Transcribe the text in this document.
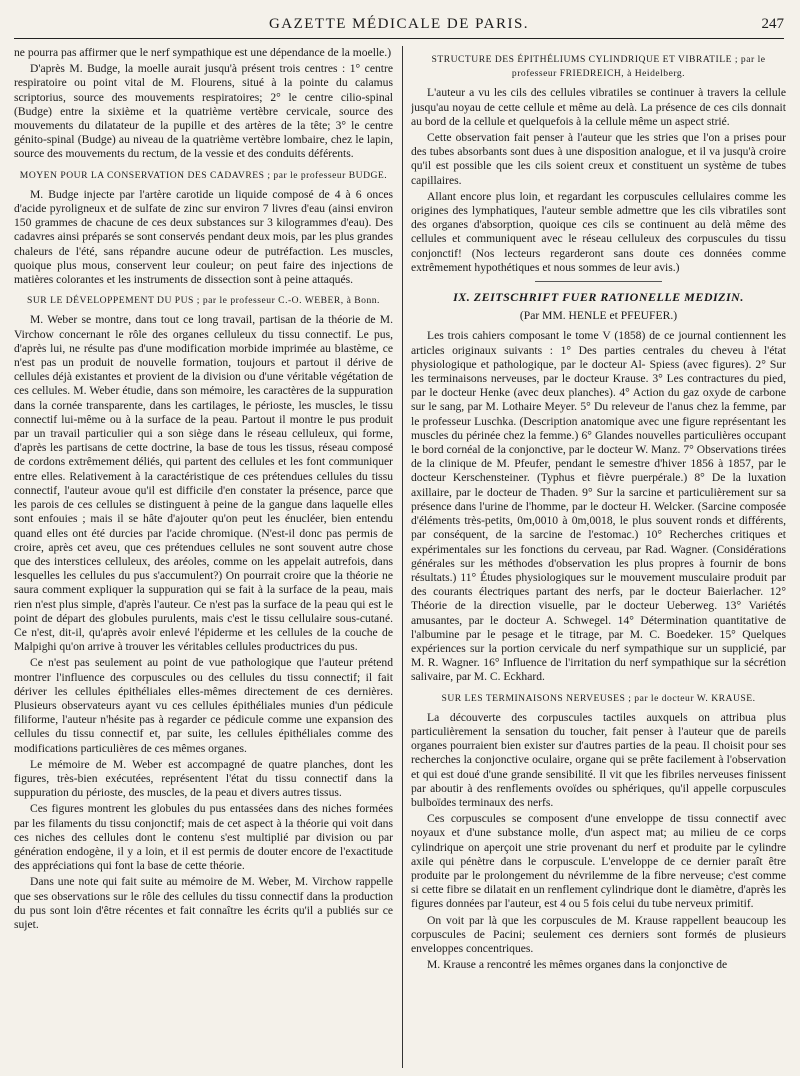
GAZETTE MÉDICALE DE PARIS.	247

ne pourra pas affirmer que le nerf sympathique est une dépendance de la moelle.)

D'après M. Budge, la moelle aurait jusqu'à présent trois centres : 1° centre respiratoire ou point vital de M. Flourens, situé à la pointe du calamus scriptorius, source des mouvements respiratoires; 2° le centre cilio-spinal (Budge) entre la sixième et la quatrième vertèbre cervicale, source des mouvements du dilatateur de la pupille et des artères de la tête; 3° le centre génito-spinal (Budge) au niveau de la quatrième vertèbre lombaire, chez le lapin, source des mouvements du rectum, de la vessie et des conduits déférents.

MOYEN POUR LA CONSERVATION DES CADAVRES ; par le professeur BUDGE.

M. Budge injecte par l'artère carotide un liquide composé de 4 à 6 onces d'acide pyroligneux et de sulfate de zinc sur environ 7 livres d'eau (ainsi environ 150 grammes de chacune de ces deux substances sur 3 kilogrammes d'eau). Des cadavres ainsi préparés se sont conservés pendant deux mois, par les plus grandes chaleurs de l'été, sans répandre aucune odeur de putréfaction. Les muscles, quoique plus mous, conservent leur couleur; on peut faire des injections de matières colorantes et les instruments de dissection sont à peine attaqués.

SUR LE DÉVELOPPEMENT DU PUS ; par le professeur C.-O. WEBER, à Bonn.

M. Weber se montre, dans tout ce long travail, partisan de la théorie de M. Virchow concernant le rôle des organes celluleux du tissu connectif. Le pus, d'après lui, ne résulte pas d'une modification morbide imprimée au blastème, ce n'est pas un produit de nouvelle formation, toujours et partout il dérive de cellules déjà existantes et provient de la division ou d'une véritable végétation de ces cellules. M. Weber étudie, dans son mémoire, les caractères de la suppuration dans la cornée transparente, dans les cartilages, le périoste, les muscles, le tissu connectif lui-même ou à la surface de la peau. Partout il montre le pus produit par un travail particulier qui a son siège dans le réseau celluleux, qui forme, d'après les partisans de cette doctrine, la base de tous les tissus, réseau composé de cordons extrêmement déliés, qui partent des cellules et les font communiquer entre elles. Relativement à la caractéristique de ces prétendues cellules du tissu connectif, l'auteur avoue qu'il est difficile d'en constater la présence, parce que les parois de ces cellules se distinguent à peine de la gangue dans laquelle elles sont enfouies ; mais il se hâte d'ajouter qu'on peut les énucléer, bien entendu quand elles ont été durcies par l'acide chromique. (N'est-il donc pas permis de croire, après cet aveu, que ces prétendues cellules ne sont souvent autre chose que des interstices celluleux, des aréoles, comme on les appelait autrefois, dans lesquelles les cellules du pus s'accumulent?) On pourrait croire que la théorie ne saura comment expliquer la suppuration qui se fait à la surface de la peau, mais rien n'est plus simple, d'après l'auteur. Ce n'est pas la surface de la peau qui est le point de départ des globules purulents, mais c'est le tissu cellulaire sous-cutané. Ce n'est, dit-il, qu'après avoir enlevé l'épiderme et les cellules de la couche de Malpighi qu'on arrive à trouver les véritables cellules productrices du pus.

Ce n'est pas seulement au point de vue pathologique que l'auteur prétend montrer l'influence des corpuscules ou des cellules du tissu connectif; il fait dériver les cellules épithéliales elles-mêmes directement de ces dernières. Plusieurs observateurs ayant vu ces cellules épithéliales munies d'un pédicule filiforme, l'auteur n'hésite pas à regarder ce pédicule comme une expansion des cellules du tissu connectif et, par suite, les cellules épithéliales comme des modifications particulières de ces mêmes organes.

Le mémoire de M. Weber est accompagné de quatre planches, dont les figures, très-bien exécutées, représentent l'état du tissu connectif dans la suppuration du périoste, des muscles, de la peau et divers autres tissus.

Ces figures montrent les globules du pus entassées dans des niches formées par les filaments du tissu conjonctif; mais de cet aspect à la théorie qui voit dans ces niches des cellules dont le contenu s'est multiplié par division ou par génération endogène, il y a loin, et il est permis de douter encore de l'exactitude des appréciations qui font la base de cette théorie.

Dans une note qui fait suite au mémoire de M. Weber, M. Virchow rappelle que ses observations sur le rôle des cellules du tissu connectif dans la production du pus sont loin d'être récentes et fait connaître les écrits qu'il a publiés sur ce sujet.

STRUCTURE DES ÉPITHÉLIUMS CYLINDRIQUE ET VIBRATILE ; par le professeur FRIEDREICH, à Heidelberg.

L'auteur a vu les cils des cellules vibratiles se continuer à travers la cellule jusqu'au noyau de cette cellule et même au delà. La présence de ces cils donnait au bord de la cellule et quelquefois à la cellule même un aspect strié.

Cette observation fait penser à l'auteur que les stries que l'on a prises pour des tubes absorbants sont dues à une disposition analogue, et il va jusqu'à croire qu'il est possible que les cils soient creux et constituent un système de tubes capillaires.

Allant encore plus loin, et regardant les corpuscules cellulaires comme les origines des lymphatiques, l'auteur semble admettre que les cils vibratiles sont des organes d'absorption, quoique ces cils se continuent au delà même des cellules et communiquent avec le réseau celluleux des corpuscules du tissu conjonctif! (Nos lecteurs regarderont sans doute ces données comme extrêmement hypothétiques et nous sommes de leur avis.)

IX. ZEITSCHRIFT FUER RATIONELLE MEDIZIN.
(Par MM. HENLE et PFEUFER.)

Les trois cahiers composant le tome V (1858) de ce journal contiennent les articles originaux suivants : 1° Des parties centrales du cheveu à l'état physiologique et pathologique, par le docteur Al- Spiess (avec figures). 2° Sur les terminaisons nerveuses, par le docteur Krause. 3° Les contractures du pied, par le docteur Henke (avec deux planches). 4° Action du gaz oxyde de carbone sur le sang, par M. Lothaire Meyer. 5° Du releveur de l'anus chez la femme, par le professeur Luschka. (Description anatomique avec une figure représentant les muscles du périnée chez la femme.) 6° Glandes nouvelles particulières occupant le bord cornéal de la conjonctive, par le docteur W. Manz. 7° Observations tirées de la clinique de M. Pfeufer, pendant le semestre d'hiver 1856 à 1857, par le docteur Kerschensteiner. (Typhus et fièvre puerpérale.) 8° De la luxation axillaire, par le docteur de Thaden. 9° Sur la sarcine et particulièrement sur sa présence dans l'urine de l'homme, par le docteur H. Welcker. (Sarcine composée d'éléments très-petits, 0m,0010 à 0m,0018, le plus souvent ronds et différents, par conséquent, de la sarcine de l'estomac.) 10° Recherches critiques et expérimentales sur les fonctions du cerveau, par Rad. Wagner. (Considérations générales sur les méthodes d'observation les plus propres à fournir de bons résultats.) 11° Études physiologiques sur le mouvement musculaire produit par des courants électriques partant des nerfs, par le docteur Baierlacher. 12° Théorie de la direction visuelle, par le docteur Ueberweg. 13° Variétés amusantes, par le docteur A. Schwegel. 14° Détermination quantitative de l'albumine par le pesage et le titrage, par M. C. Boedeker. 15° Quelques expériences sur la portion cervicale du nerf sympathique sur un supplicié, par M. R. Wagner. 16° Influence de l'irritation du nerf sympathique sur la sécrétion salivaire, par M. C. Eckhard.

SUR LES TERMINAISONS NERVEUSES ; par le docteur W. KRAUSE.

La découverte des corpuscules tactiles auxquels on attribua plus particulièrement la sensation du toucher, fait penser à l'auteur que de pareils organes pourraient bien exister sur d'autres parties de la peau. Il choisit pour ses recherches la conjonctive oculaire, organe qui se prête facilement à l'observation et qui est doué d'une grande sensibilité. Il vit que les fibriles nerveuses finissent par aboutir à des renflements ovoïdes ou sphériques, qu'il appelle corpuscules bulboïdes terminaux des nerfs.

Ces corpuscules se composent d'une enveloppe de tissu connectif avec noyaux et d'une substance molle, d'un aspect mat; au milieu de ce corps cylindrique on aperçoit une strie provenant du nerf et produite par le cylindre axile qui pénètre dans le corpuscule. L'enveloppe de ce dernier paraît être produite par le prolongement du névrilemme de la fibre nerveuse; c'est comme si cette fibre se dilatait en un renflement cylindrique dont le diamètre, d'après les figures données par l'auteur, est 4 ou 5 fois celui du tube nerveux primitif.

On voit par là que les corpuscules de M. Krause rappellent beaucoup les corpuscules de Pacini; seulement ces derniers sont formés de plusieurs enveloppes concentriques.

M. Krause a rencontré les mêmes organes dans la conjonctive de
